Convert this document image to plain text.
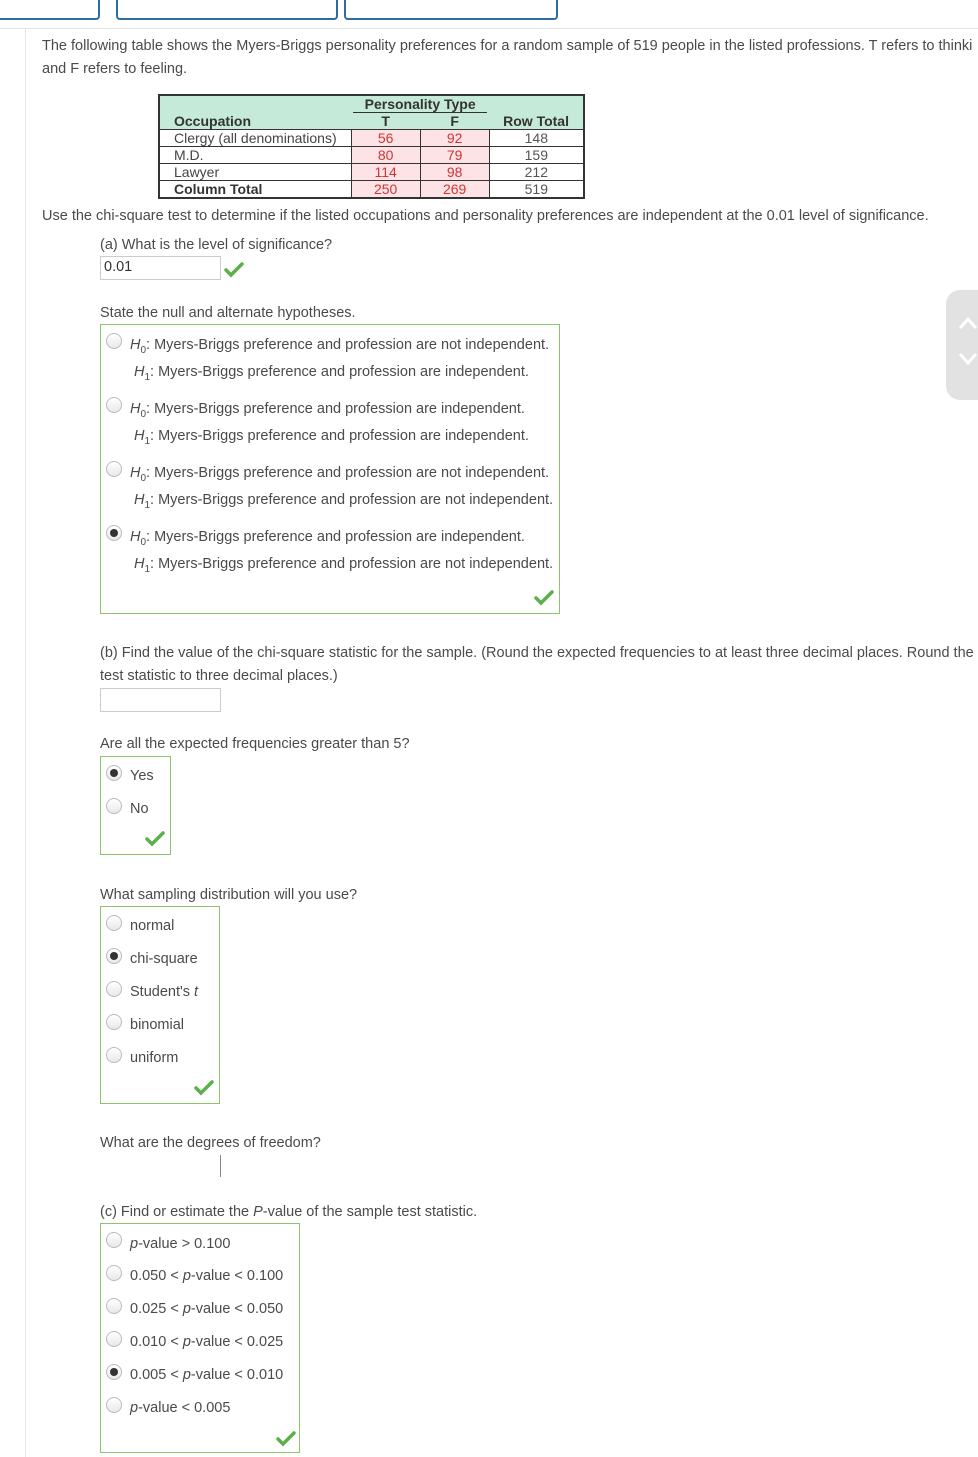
The following table shows the Myers-Briggs personality preferences for a random sample of 519 people in the listed professions. T refers to thinki
and F refers to feeling.

	Personality Type		

Occupation	T	F	Row Total
Clergy (all denominations)	56	92	148
M.D.	80	79	159
Lawyer	114	98	212
Column Total	250	269	519
Use the chi-square test to determine if the listed occupations and personality preferences are independent at the 0.01 level of significance.
(a) What is the level of significance?
0.01
State the null and alternate hypotheses.
$H_0$: Myers-Briggs preference and profession are not independent.
$H_1$: Myers-Briggs preference and profession are independent.
$H_0$: Myers-Briggs preference and profession are independent.
$H_1$: Myers-Briggs preference and profession are independent.
$H_0$: Myers-Briggs preference and profession are not independent.
$H_1$: Myers-Briggs preference and profession are not independent.
$H_0$: Myers-Briggs preference and profession are independent.
$H_1$: Myers-Briggs preference and profession are not independent.
(b) Find the value of the chi-square statistic for the sample. (Round the expected frequencies to at least three decimal places. Round the
test statistic to three decimal places.)
Are all the expected frequencies greater than 5?
Yes
No
What sampling distribution will you use?
normal
chi-square
Student's t
binomial
uniform
What are the degrees of freedom?
(c) Find or estimate the P-value of the sample test statistic.
p-value > 0.100
0.050 < p-value < 0.100
0.025 < p-value < 0.050
0.010 < p-value < 0.025
0.005 < p-value < 0.010
p-value < 0.005
